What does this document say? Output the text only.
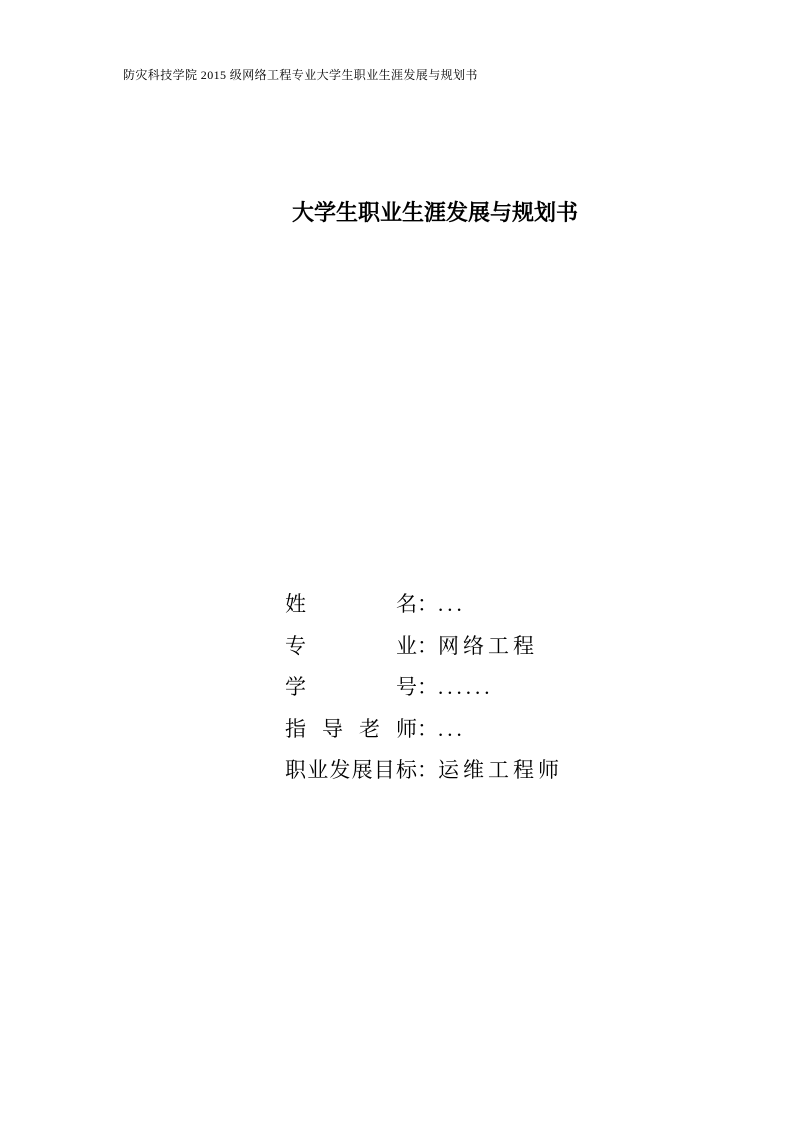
防灾科技学院 2015 级网络工程专业大学生职业生涯发展与规划书
大学生职业生涯发展与规划书
姓名：...
专业：网络工程
学号：......
指导老师：...
职业发展目标：运维工程师
